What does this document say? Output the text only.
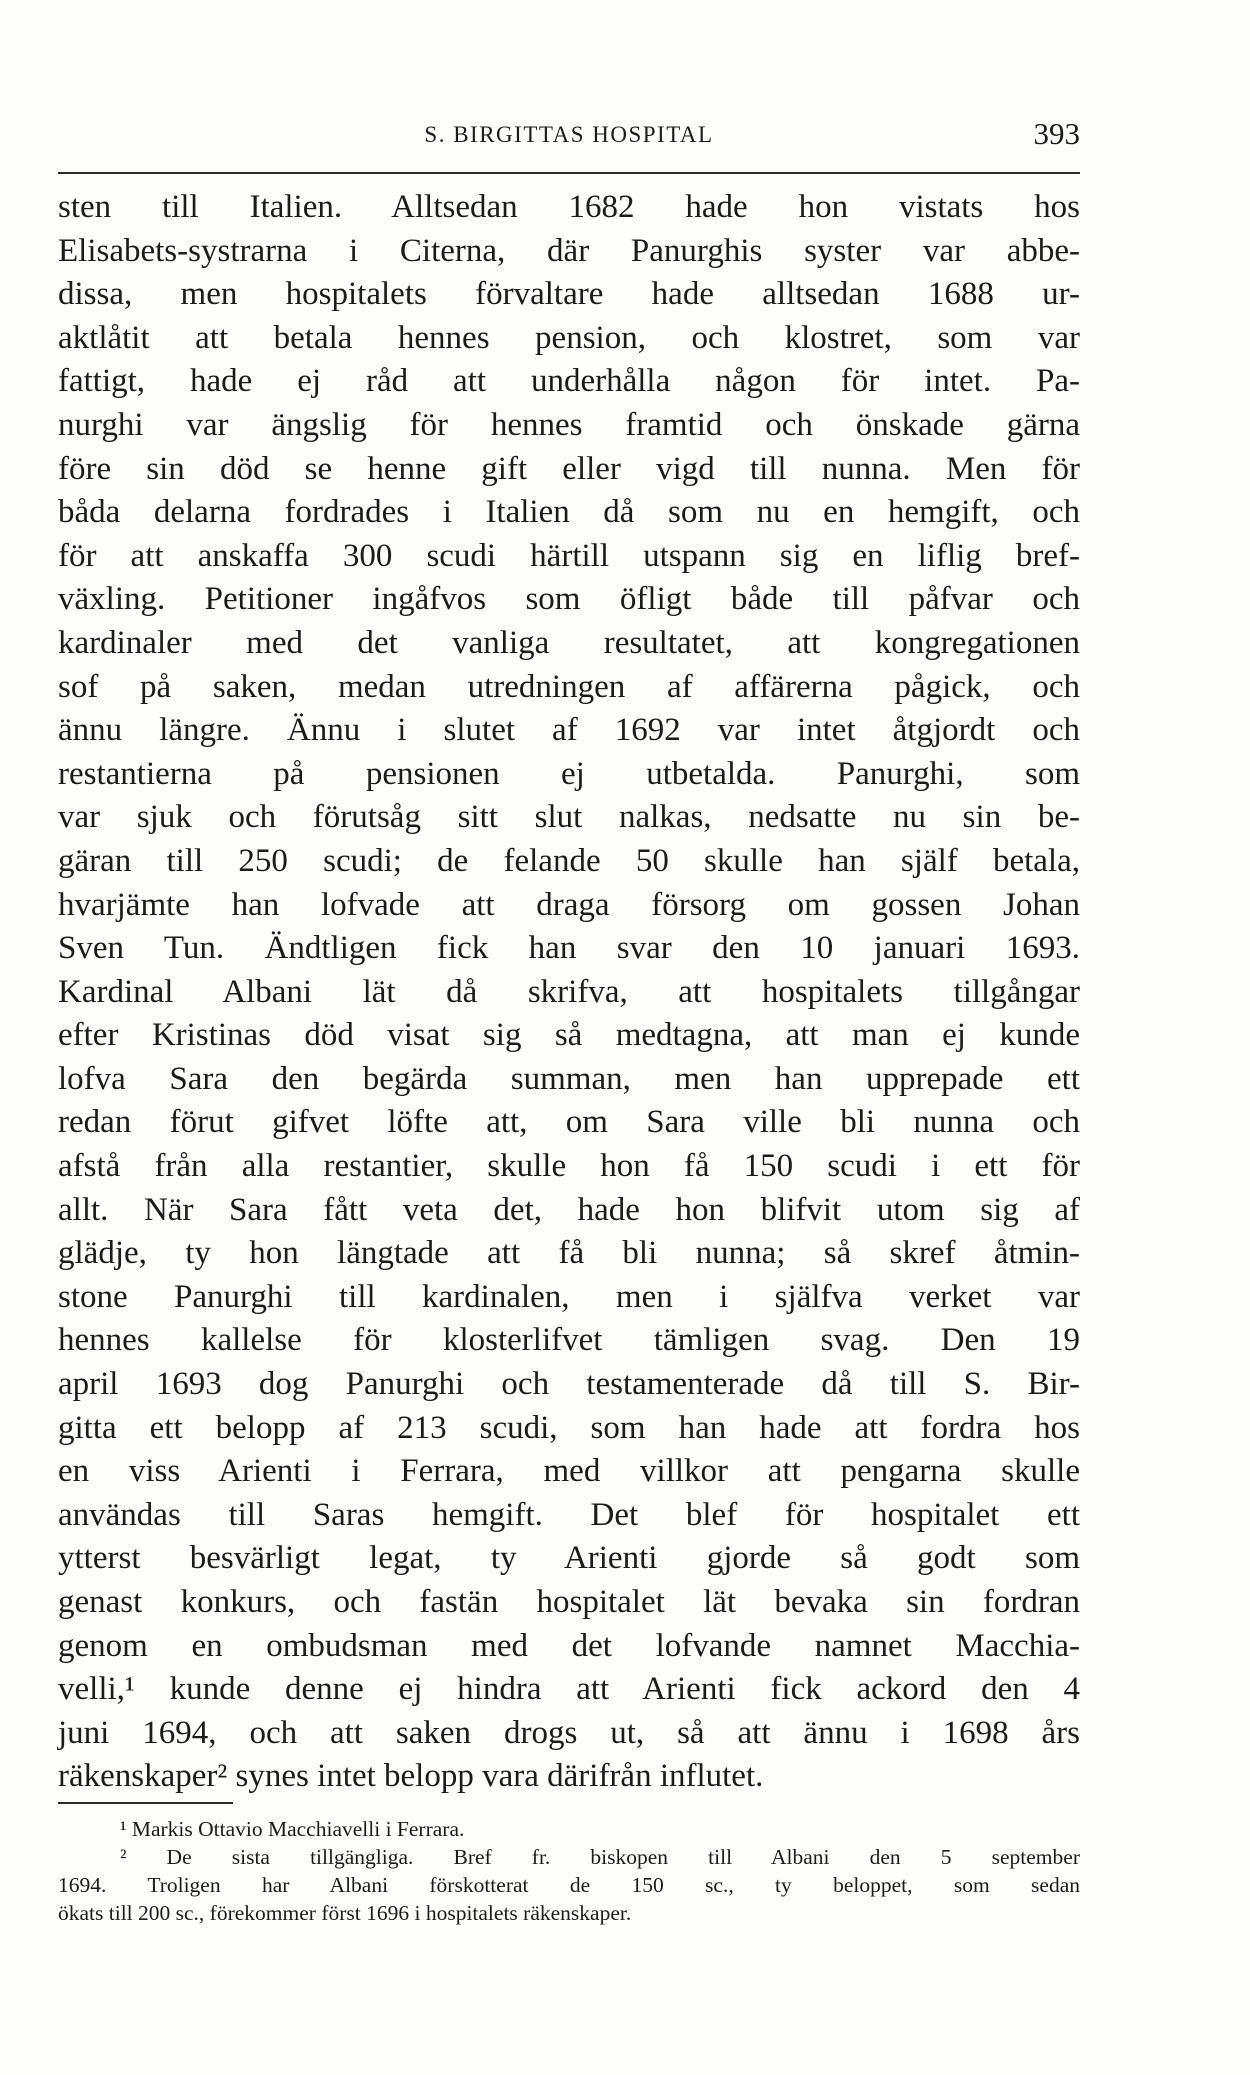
S. BIRGITTAS HOSPITAL	393
sten till Italien. Alltsedan 1682 hade hon vistats hos
Elisabets-systrarna i Citerna, där Panurghis syster var abbe-
dissa, men hospitalets förvaltare hade alltsedan 1688 ur-
aktlåtit att betala hennes pension, och klostret, som var
fattigt, hade ej råd att underhålla någon för intet. Pa-
nurghi var ängslig för hennes framtid och önskade gärna
före sin död se henne gift eller vigd till nunna. Men för
båda delarna fordrades i Italien då som nu en hemgift, och
för att anskaffa 300 scudi härtill utspann sig en liflig bref-
växling. Petitioner ingåfvos som öfligt både till påfvar och
kardinaler med det vanliga resultatet, att kongregationen
sof på saken, medan utredningen af affärerna pågick, och
ännu längre. Ännu i slutet af 1692 var intet åtgjordt och
restantierna på pensionen ej utbetalda. Panurghi, som
var sjuk och förutsåg sitt slut nalkas, nedsatte nu sin be-
gäran till 250 scudi; de felande 50 skulle han själf betala,
hvarjämte han lofvade att draga försorg om gossen Johan
Sven Tun. Ändtligen fick han svar den 10 januari 1693.
Kardinal Albani lät då skrifva, att hospitalets tillgångar
efter Kristinas död visat sig så medtagna, att man ej kunde
lofva Sara den begärda summan, men han upprepade ett
redan förut gifvet löfte att, om Sara ville bli nunna och
afstå från alla restantier, skulle hon få 150 scudi i ett för
allt. När Sara fått veta det, hade hon blifvit utom sig af
glädje, ty hon längtade att få bli nunna; så skref åtmin-
stone Panurghi till kardinalen, men i själfva verket var
hennes kallelse för klosterlifvet tämligen svag. Den 19
april 1693 dog Panurghi och testamenterade då till S. Bir-
gitta ett belopp af 213 scudi, som han hade att fordra hos
en viss Arienti i Ferrara, med villkor att pengarna skulle
användas till Saras hemgift. Det blef för hospitalet ett
ytterst besvärligt legat, ty Arienti gjorde så godt som
genast konkurs, och fastän hospitalet lät bevaka sin fordran
genom en ombudsman med det lofvande namnet Macchia-
velli,¹ kunde denne ej hindra att Arienti fick ackord den 4
juni 1694, och att saken drogs ut, så att ännu i 1698 års
räkenskaper² synes intet belopp vara därifrån influtet.
¹ Markis Ottavio Macchiavelli i Ferrara.
² De sista tillgängliga. Bref fr. biskopen till Albani den 5 september
1694. Troligen har Albani förskotterat de 150 sc., ty beloppet, som sedan
ökats till 200 sc., förekommer först 1696 i hospitalets räkenskaper.
